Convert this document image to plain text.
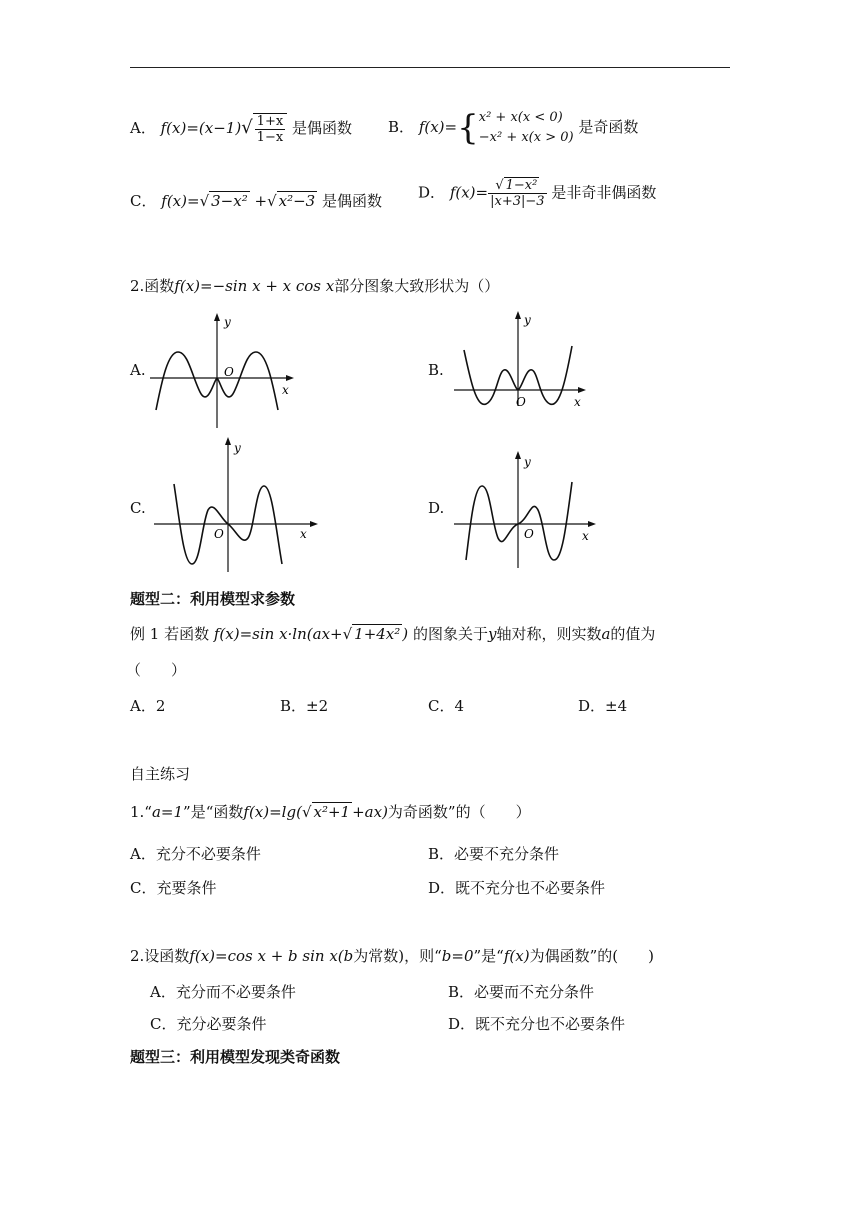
A． $f(x)=(x-1)√ \frac{1+x}{1-x}$ 是偶函数 B． f(x)={ x² + x(x < 0)
−x² + x(x > 0)
是奇函数
C． f(x)=√ 3−x² +√ x²−3 是偶函数 D． $f(x)= \frac{\text{√ 1−x²}}{|x+3|-3}$ 是非奇非偶函数
2.函数f(x)=−sin x + x cos x部分图象大致形状为（）
A.	B.
C.	D.
O
x
y
O	x
y
O	x
y
O	x
y
题型二：利用模型求参数
例 1 若函数 f(x)=sin x·ln(ax+√ 1+4x² ) 的图象关于y轴对称，则实数a的值为
（　　）
A．2	B．±2	C．4	D．±4
自主练习
1.“a=1”是“函数f(x)=lg(√ x²+1 +ax)为奇函数”的（　　）
A．充分不必要条件	B．必要不充分条件
C．充要条件	D．既不充分也不必要条件
2.设函数f(x)=cos x + b sin x(b为常数)，则“b=0”是“f(x)为偶函数”的(　　)
A．充分而不必要条件	B．必要而不充分条件
C．充分必要条件	D．既不充分也不必要条件
题型三：利用模型发现类奇函数
